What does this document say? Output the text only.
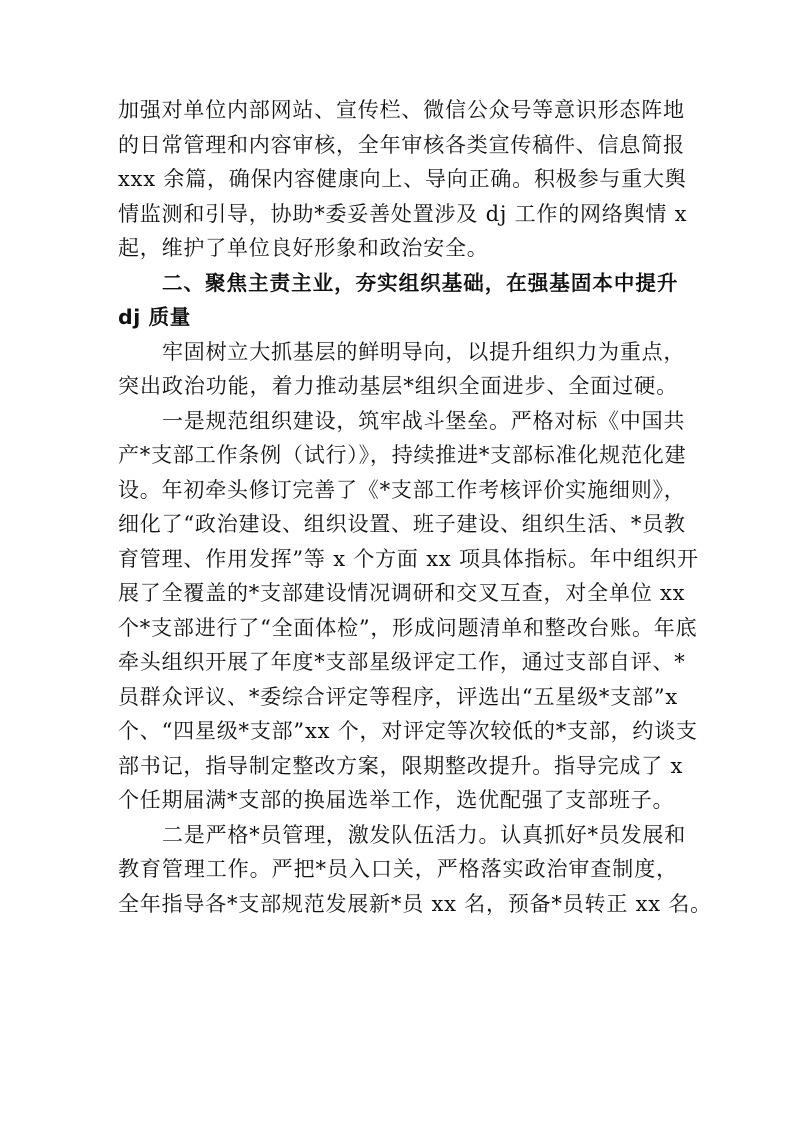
加强对单位内部网站、宣传栏、微信公众号等意识形态阵地
的日常管理和内容审核，全年审核各类宣传稿件、信息简报
xxx 余篇，确保内容健康向上、导向正确。积极参与重大舆
情监测和引导，协助*委妥善处置涉及 dj 工作的网络舆情 x
起，维护了单位良好形象和政治安全。
二、聚焦主责主业，夯实组织基础，在强基固本中提升
dj 质量
牢固树立大抓基层的鲜明导向，以提升组织力为重点，
突出政治功能，着力推动基层*组织全面进步、全面过硬。
一是规范组织建设，筑牢战斗堡垒。严格对标《中国共
产*支部工作条例（试行）》，持续推进*支部标准化规范化建
设。年初牵头修订完善了《*支部工作考核评价实施细则》，
细化了“政治建设、组织设置、班子建设、组织生活、*员教
育管理、作用发挥”等 x 个方面 xx 项具体指标。年中组织开
展了全覆盖的*支部建设情况调研和交叉互查，对全单位 xx
个*支部进行了“全面体检”，形成问题清单和整改台账。年底
牵头组织开展了年度*支部星级评定工作，通过支部自评、*
员群众评议、*委综合评定等程序，评选出“五星级*支部”x
个、“四星级*支部”xx 个，对评定等次较低的*支部，约谈支
部书记，指导制定整改方案，限期整改提升。指导完成了 x
个任期届满*支部的换届选举工作，选优配强了支部班子。
二是严格*员管理，激发队伍活力。认真抓好*员发展和
教育管理工作。严把*员入口关，严格落实政治审查制度，
全年指导各*支部规范发展新*员 xx 名，预备*员转正 xx 名。
